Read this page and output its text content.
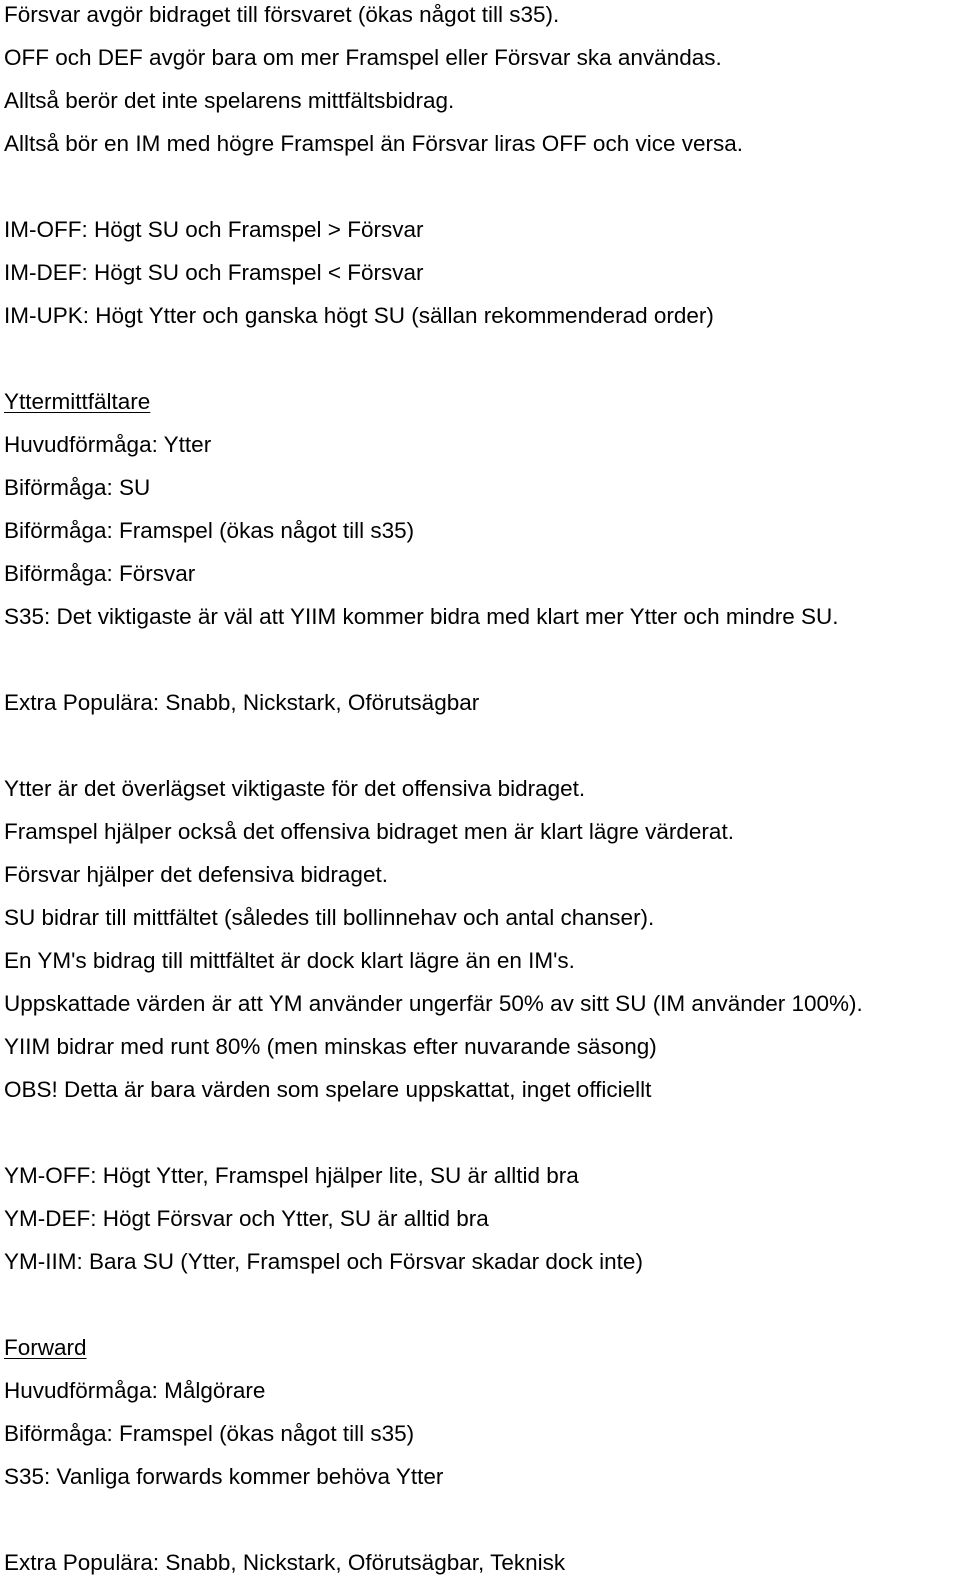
Försvar avgör bidraget till försvaret (ökas något till s35).
OFF och DEF avgör bara om mer Framspel eller Försvar ska användas.
Alltså berör det inte spelarens mittfältsbidrag.
Alltså bör en IM med högre Framspel än Försvar liras OFF och vice versa.
IM-OFF: Högt SU och Framspel > Försvar
IM-DEF: Högt SU och Framspel < Försvar
IM-UPK: Högt Ytter och ganska högt SU (sällan rekommenderad order)
Yttermittfältare
Huvudförmåga: Ytter
Biförmåga: SU
Biförmåga: Framspel (ökas något till s35)
Biförmåga: Försvar
S35: Det viktigaste är väl att YIIM kommer bidra med klart mer Ytter och mindre SU.
Extra Populära: Snabb, Nickstark, Oförutsägbar
Ytter är det överlägset viktigaste för det offensiva bidraget.
Framspel hjälper också det offensiva bidraget men är klart lägre värderat.
Försvar hjälper det defensiva bidraget.
SU bidrar till mittfältet (således till bollinnehav och antal chanser).
En YM's bidrag till mittfältet är dock klart lägre än en IM's.
Uppskattade värden är att YM använder ungerfär 50% av sitt SU (IM använder 100%).
YIIM bidrar med runt 80% (men minskas efter nuvarande säsong)
OBS! Detta är bara värden som spelare uppskattat, inget officiellt
YM-OFF: Högt Ytter, Framspel hjälper lite, SU är alltid bra
YM-DEF: Högt Försvar och Ytter, SU är alltid bra
YM-IIM: Bara SU (Ytter, Framspel och Försvar skadar dock inte)
Forward
Huvudförmåga: Målgörare
Biförmåga: Framspel (ökas något till s35)
S35: Vanliga forwards kommer behöva Ytter
Extra Populära: Snabb, Nickstark, Oförutsägbar, Teknisk
